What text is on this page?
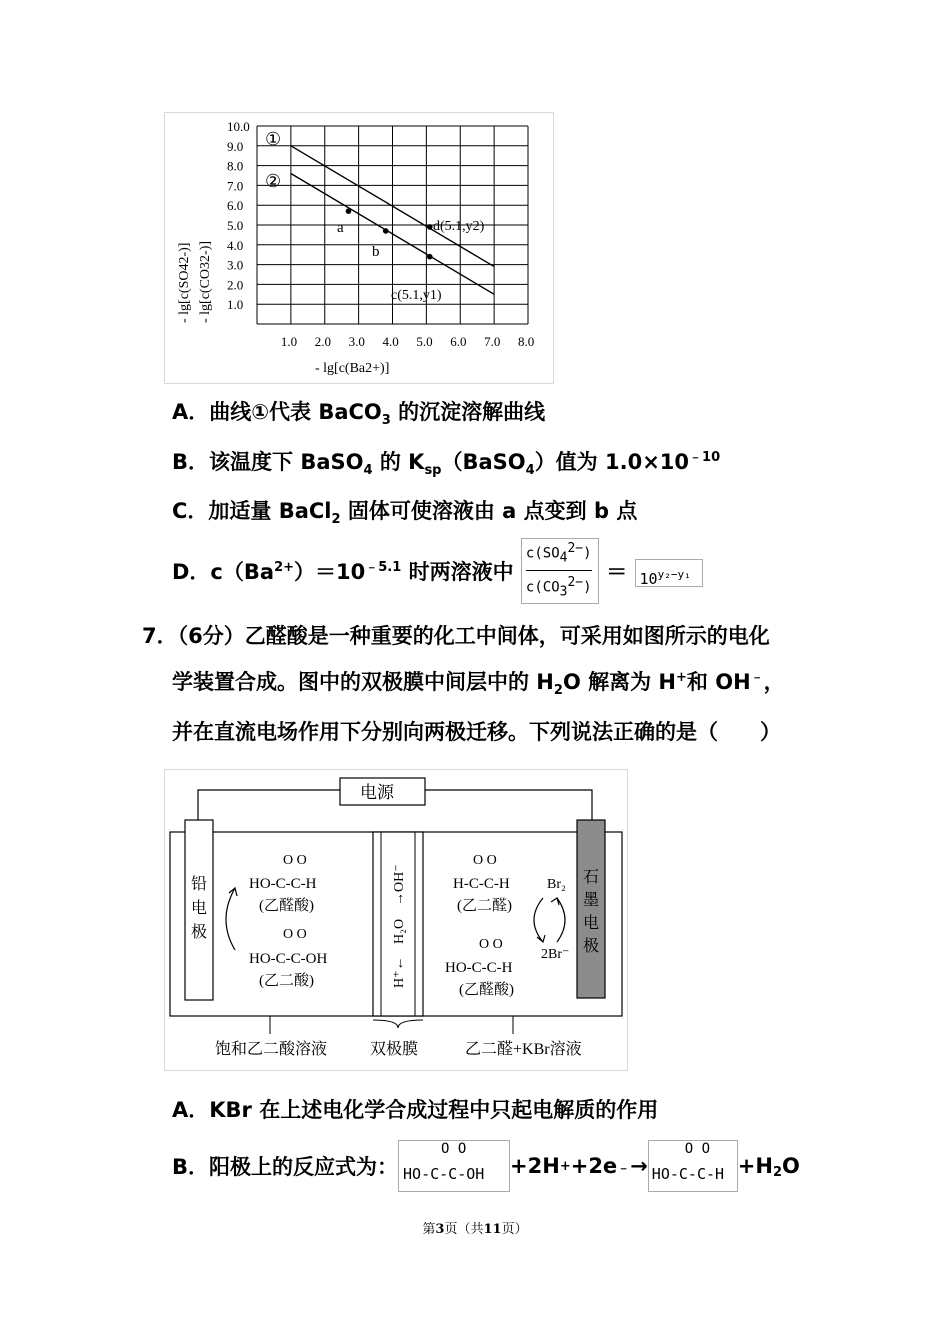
10.0
9.0
8.0
7.0
6.0
5.0
4.0
3.0
2.0
1.0
1.0 2.0 3.0 4.0 5.0 6.0 7.0 8.0
①
②
a
b
d(5.1,y2)
c(5.1,y1)
- lg[c(Ba2+)]
- lg[c(SO42-)] - lg[c(CO32-)]
A．曲线①代表 BaCO$_3$ 的沉淀溶解曲线
B．该温度下 BaSO$_4$ 的 $K_{sp}(BaSO_4)$值为 $1.0\times 10^{﹣10}$
C．加适量 BaCl$_2$ 固体可使溶液由 a 点变到 b 点
D．$c(Ba^{2+})=10^{﹣5.1}$ 时两溶液中 $\frac{c(SO_4^{2-})}{c(CO_3^{2-})} = 10^{y_2-y_1}$
7．（6分）乙醛酸是一种重要的化工中间体，可采用如图所示的电化
学装置合成。图中的双极膜中间层中的 $H_2O$ 解离为 H+和 OH﹣，
并在直流电场作用下分别向两极迁移。下列说法正确的是（　　）
电源
铅
电
极
石
墨
电
极
H⁺←
H₂O
→OH⁻
O O
HO-C-C-H
(乙醛酸)
O O
HO-C-C-OH
(乙二酸)
O O
H-C-C-H
(乙二醛)
O O
HO-C-C-H
(乙醛酸)
Br₂
2Br⁻
饱和乙二酸溶液	双极膜	乙二醛+KBr溶液
A．KBr 在上述电化学合成过程中只起电解质的作用
B．阳极上的反应式为：
O O
HO-C-C-OH +2H + +2e ﹣ →
O O
$HO-C-C-H +H_2$ O
第3页（共11页）
